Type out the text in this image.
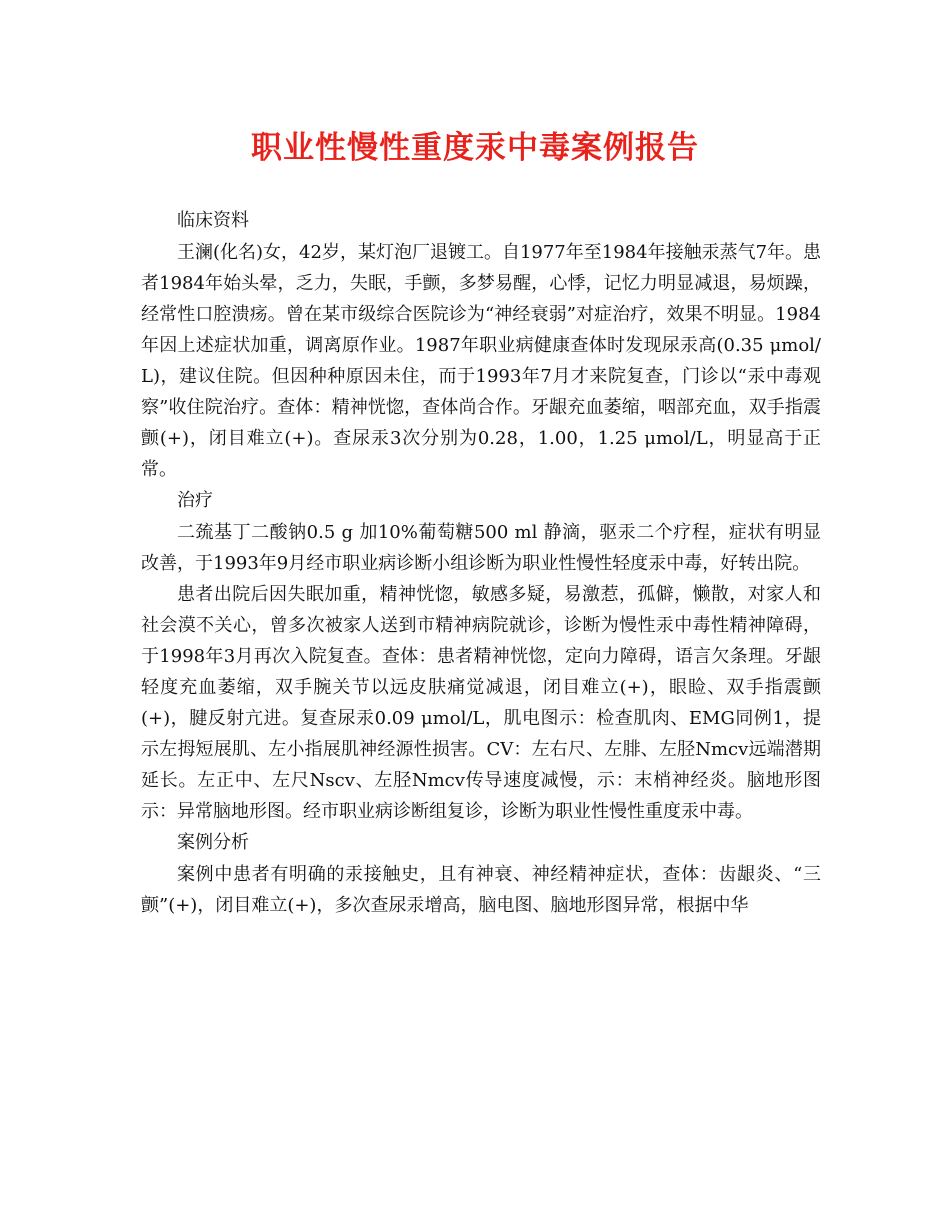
职业性慢性重度汞中毒案例报告

临床资料

王澜(化名)女，42岁，某灯泡厂退镀工。自1977年至1984年接触汞蒸气7年。患者1984年始头晕，乏力，失眠，手颤，多梦易醒，心悸，记忆力明显减退，易烦躁，经常性口腔溃疡。曾在某市级综合医院诊为“神经衰弱”对症治疗，效果不明显。1984年因上述症状加重，调离原作业。1987年职业病健康查体时发现尿汞高(0.35 μmol/L)，建议住院。但因种种原因未住，而于1993年7月才来院复查，门诊以“汞中毒观察”收住院治疗。查体：精神恍惚，查体尚合作。牙龈充血萎缩，咽部充血，双手指震颤(+)，闭目难立(+)。查尿汞3次分别为0.28，1.00，1.25 μmol/L，明显高于正常。

治疗

二巯基丁二酸钠0.5 g 加10%葡萄糖500 ml 静滴，驱汞二个疗程，症状有明显改善，于1993年9月经市职业病诊断小组诊断为职业性慢性轻度汞中毒，好转出院。

患者出院后因失眠加重，精神恍惚，敏感多疑，易激惹，孤僻，懒散，对家人和社会漠不关心，曾多次被家人送到市精神病院就诊，诊断为慢性汞中毒性精神障碍，于1998年3月再次入院复查。查体：患者精神恍惚，定向力障碍，语言欠条理。牙龈轻度充血萎缩，双手腕关节以远皮肤痛觉减退，闭目难立(+)，眼睑、双手指震颤(+)，腱反射亢进。复查尿汞0.09 μmol/L，肌电图示：检查肌肉、EMG同例1，提示左拇短展肌、左小指展肌神经源性损害。CV：左右尺、左腓、左胫Nmcv远端潜期延长。左正中、左尺Nscv、左胫Nmcv传导速度减慢，示：末梢神经炎。脑地形图示：异常脑地形图。经市职业病诊断组复诊，诊断为职业性慢性重度汞中毒。

案例分析

案例中患者有明确的汞接触史，且有神衰、神经精神症状，查体：齿龈炎、“三颤”(+)，闭目难立(+)，多次查尿汞增高，脑电图、脑地形图异常，根据中华
